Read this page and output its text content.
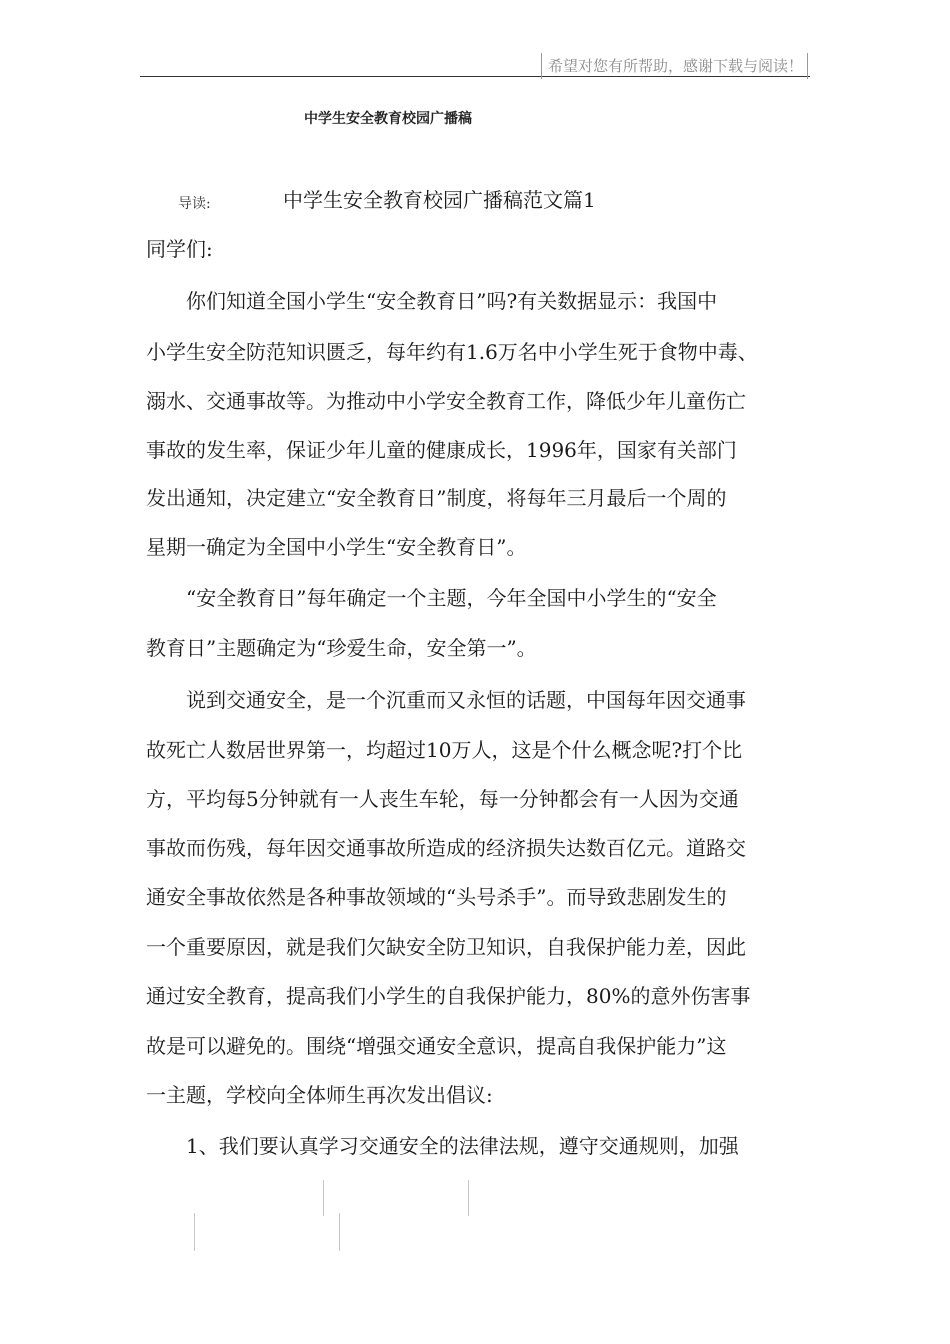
希望对您有所帮助，感谢下载与阅读！
中学生安全教育校园广播稿
导读:	中学生安全教育校园广播稿范文篇1
同学们:
你们知道全国小学生“安全教育日”吗?有关数据显示：我国中
小学生安全防范知识匮乏，每年约有1.6万名中小学生死于食物中毒、
溺水、交通事故等。为推动中小学安全教育工作，降低少年儿童伤亡
事故的发生率，保证少年儿童的健康成长，1996年，国家有关部门
发出通知，决定建立“安全教育日”制度，将每年三月最后一个周的
星期一确定为全国中小学生“安全教育日”。
“安全教育日”每年确定一个主题，今年全国中小学生的“安全
教育日”主题确定为“珍爱生命，安全第一”。
说到交通安全，是一个沉重而又永恒的话题，中国每年因交通事
故死亡人数居世界第一，均超过10万人，这是个什么概念呢?打个比
方，平均每5分钟就有一人丧生车轮，每一分钟都会有一人因为交通
事故而伤残，每年因交通事故所造成的经济损失达数百亿元。道路交
通安全事故依然是各种事故领域的“头号杀手”。而导致悲剧发生的
一个重要原因，就是我们欠缺安全防卫知识，自我保护能力差，因此
通过安全教育，提高我们小学生的自我保护能力，80%的意外伤害事
故是可以避免的。围绕“增强交通安全意识，提高自我保护能力”这
一主题，学校向全体师生再次发出倡议:
1、我们要认真学习交通安全的法律法规，遵守交通规则，加强
